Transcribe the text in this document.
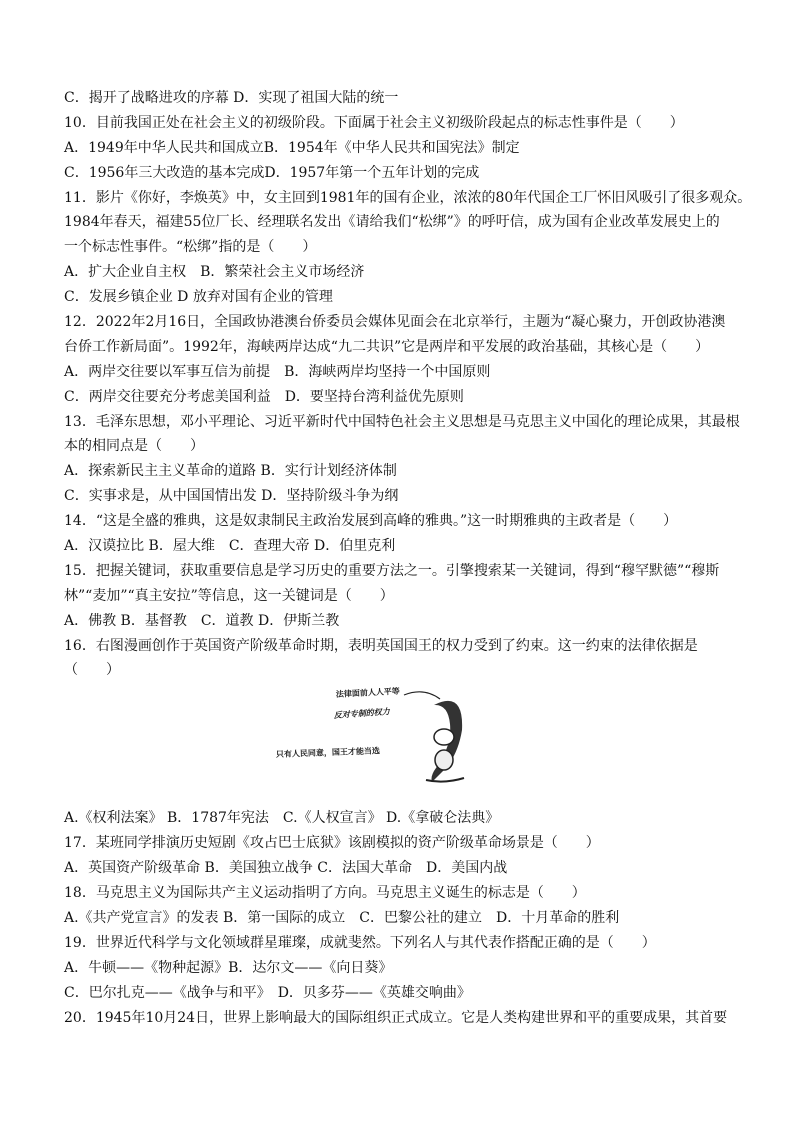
C．揭开了战略进攻的序幕 D．实现了祖国大陆的统一
10．目前我国正处在社会主义的初级阶段。下面属于社会主义初级阶段起点的标志性事件是（　　）
A．1949年中华人民共和国成立B．1954年《中华人民共和国宪法》制定
C．1956年三大改造的基本完成D．1957年第一个五年计划的完成
11．影片《你好，李焕英》中，女主回到1981年的国有企业，浓浓的80年代国企工厂怀旧风吸引了很多观众。
1984年春天，福建55位厂长、经理联名发出《请给我们“松绑”》的呼吁信，成为国有企业改革发展史上的
一个标志性事件。“松绑”指的是（　　）
A．扩大企业自主权　B．繁荣社会主义市场经济
C．发展乡镇企业 D 放弃对国有企业的管理
12．2022年2月16日，全国政协港澳台侨委员会媒体见面会在北京举行，主题为“凝心聚力，开创政协港澳
台侨工作新局面”。1992年，海峡两岸达成“九二共识”它是两岸和平发展的政治基础，其核心是（　　）
A．两岸交往要以军事互信为前提　B．海峡两岸均坚持一个中国原则
C．两岸交往要充分考虑美国利益　D．要坚持台湾利益优先原则
13．毛泽东思想，邓小平理论、习近平新时代中国特色社会主义思想是马克思主义中国化的理论成果，其最根
本的相同点是（　　）
A．探索新民主主义革命的道路 B．实行计划经济体制
C．实事求是，从中国国情出发 D．坚持阶级斗争为纲
14．“这是全盛的雅典，这是奴隶制民主政治发展到高峰的雅典。”这一时期雅典的主政者是（　　）
A．汉谟拉比 B．屋大维　C．查理大帝 D．伯里克利
15．把握关键词，获取重要信息是学习历史的重要方法之一。引擎搜索某一关键词，得到“穆罕默德”“穆斯
林”“麦加”“真主安拉”等信息，这一关键词是（　　）
A．佛教 B．基督教　C．道教 D．伊斯兰教
16．右图漫画创作于英国资产阶级革命时期，表明英国国王的权力受到了约束。这一约束的法律依据是
（　　）
法律面前人人平等
反对专制的权力
只有人民同意，国王才能当选
A.《权利法案》 B．1787年宪法　C.《人权宣言》 D.《拿破仑法典》
17．某班同学排演历史短剧《攻占巴士底狱》该剧模拟的资产阶级革命场景是（　　）
A．英国资产阶级革命 B．美国独立战争 C．法国大革命　D．美国内战
18．马克思主义为国际共产主义运动指明了方向。马克思主义诞生的标志是（　　）
A.《共产党宣言》的发表 B．第一国际的成立　C．巴黎公社的建立　D．十月革命的胜利
19．世界近代科学与文化领域群星璀璨，成就斐然。下列名人与其代表作搭配正确的是（　　）
A．牛顿——《物种起源》B．达尔文——《向日葵》
C．巴尔扎克——《战争与和平》　D．贝多芬——《英雄交响曲》
20．1945年10月24日，世界上影响最大的国际组织正式成立。它是人类构建世界和平的重要成果，其首要
